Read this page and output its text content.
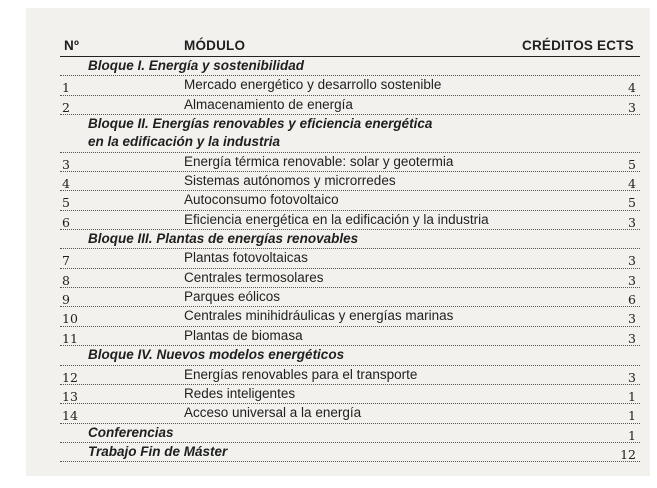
Nº	MÓDULO	CRÉDITOS ECTS
Bloque I. Energía y sostenibilidad
1	Mercado energético y desarrollo sostenible	4
2	Almacenamiento de energía	3
Bloque II. Energías renovables y eficiencia energética
en la edificación y la industria
3	Energía térmica renovable: solar y geotermia	5
4	Sistemas autónomos y microrredes	4
5	Autoconsumo fotovoltaico	5
6	Eficiencia energética en la edificación y la industria	3
Bloque III. Plantas de energías renovables
7	Plantas fotovoltaicas	3
8	Centrales termosolares	3
9	Parques eólicos	6
10	Centrales minihidráulicas y energías marinas	3
11	Plantas de biomasa	3
Bloque IV. Nuevos modelos energéticos
12	Energías renovables para el transporte	3
13	Redes inteligentes	1
14	Acceso universal a la energía	1
Conferencias	1
Trabajo Fin de Máster	12
